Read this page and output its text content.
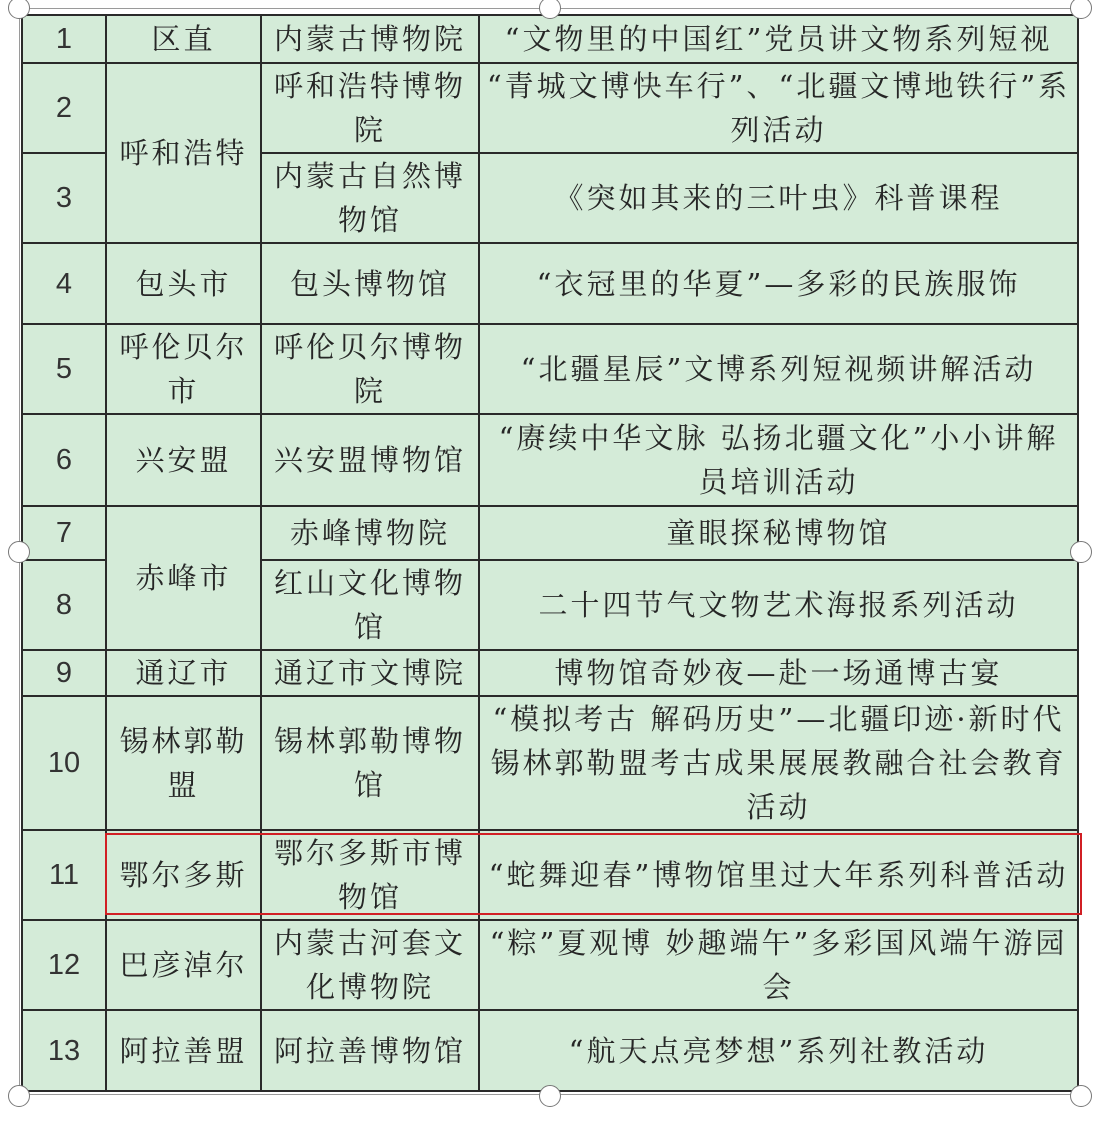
1	区直	内蒙古博物院	“文物里的中国红”党员讲文物系列短视
2	呼和浩特	呼和浩特博物院	“青城文博快车行”、“北疆文博地铁行”系列活动
3		内蒙古自然博物馆	《突如其来的三叶虫》科普课程
4	包头市	包头博物馆	“衣冠里的华夏”—多彩的民族服饰
5	呼伦贝尔市	呼伦贝尔博物院	“北疆星辰”文博系列短视频讲解活动
6	兴安盟	兴安盟博物馆	“赓续中华文脉 弘扬北疆文化”小小讲解员培训活动
7	赤峰市	赤峰博物院	童眼探秘博物馆
8		红山文化博物馆	二十四节气文物艺术海报系列活动
9	通辽市	通辽市文博院	博物馆奇妙夜—赴一场通博古宴
10	锡林郭勒盟	锡林郭勒博物馆	“模拟考古 解码历史”—北疆印迹·新时代锡林郭勒盟考古成果展展教融合社会教育活动
11	鄂尔多斯	鄂尔多斯市博物馆	“蛇舞迎春”博物馆里过大年系列科普活动
12	巴彦淖尔	内蒙古河套文化博物院	“粽”夏观博 妙趣端午”多彩国风端午游园会
13	阿拉善盟	阿拉善博物馆	“航天点亮梦想”系列社教活动
